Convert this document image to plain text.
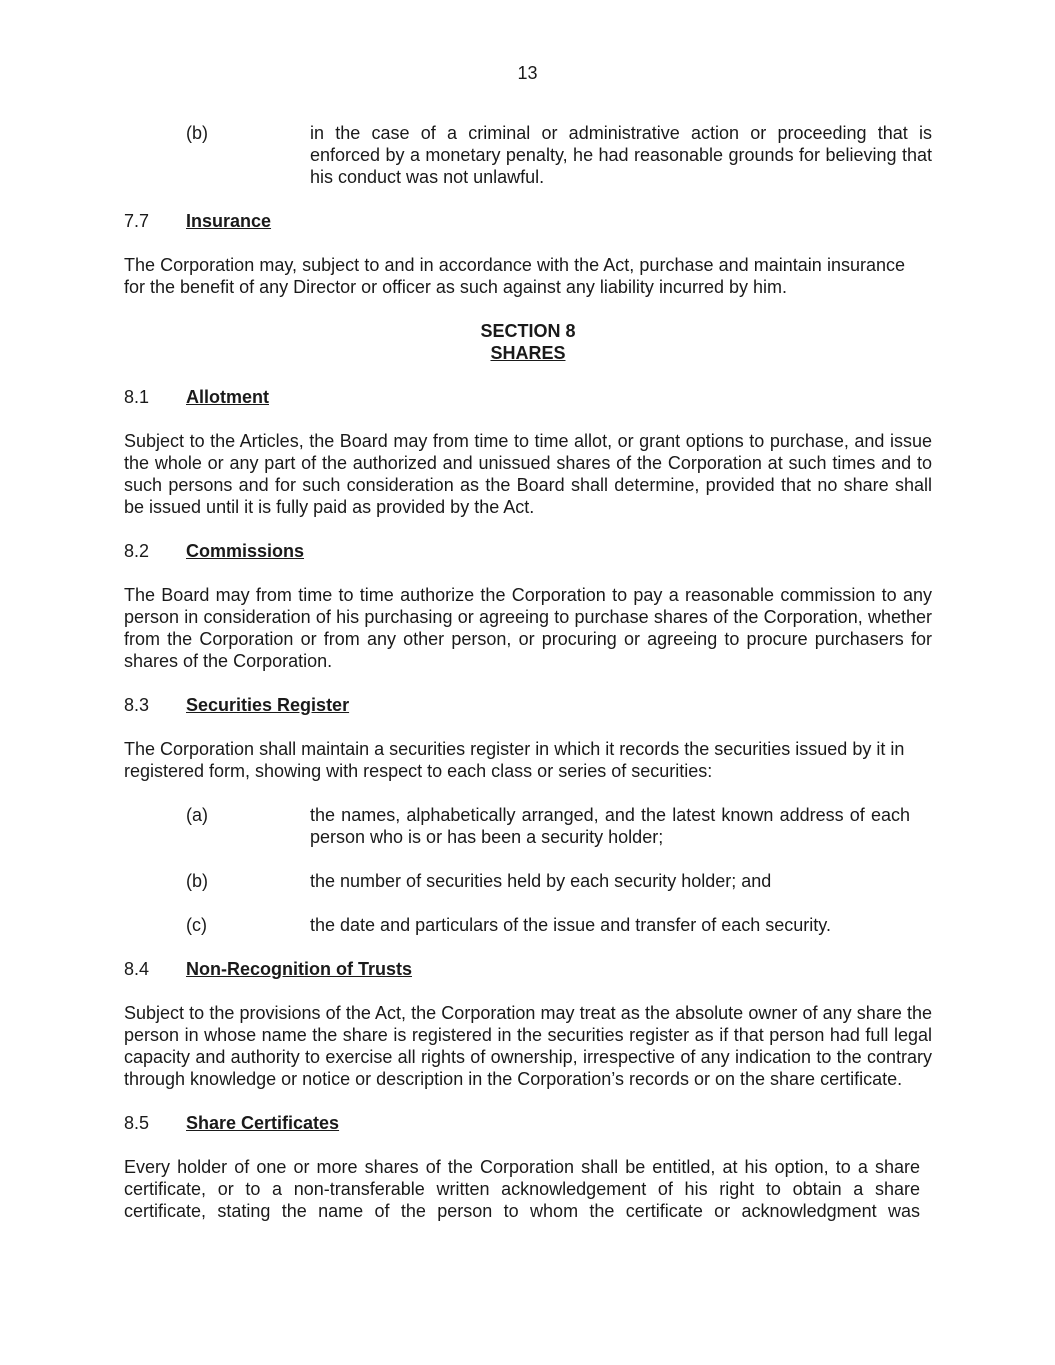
13
(b)	in the case of a criminal or administrative action or proceeding that is enforced by a monetary penalty, he had reasonable grounds for believing that his conduct was not unlawful.
7.7 Insurance

The Corporation may, subject to and in accordance with the Act, purchase and maintain insurance for the benefit of any Director or officer as such against any liability incurred by him.

SECTION 8
SHARES
8.1 Allotment

Subject to the Articles, the Board may from time to time allot, or grant options to purchase, and issue the whole or any part of the authorized and unissued shares of the Corporation at such times and to such persons and for such consideration as the Board shall determine, provided that no share shall be issued until it is fully paid as provided by the Act.

8.2 Commissions

The Board may from time to time authorize the Corporation to pay a reasonable commission to any person in consideration of his purchasing or agreeing to purchase shares of the Corporation, whether from the Corporation or from any other person, or procuring or agreeing to procure purchasers for shares of the Corporation.

8.3 Securities Register

The Corporation shall maintain a securities register in which it records the securities issued by it in registered form, showing with respect to each class or series of securities:

(a)	the names, alphabetically arranged, and the latest known address of each person who is or has been a security holder;
(b)	the number of securities held by each security holder; and
(c)	the date and particulars of the issue and transfer of each security.
8.4 Non-Recognition of Trusts

Subject to the provisions of the Act, the Corporation may treat as the absolute owner of any share the person in whose name the share is registered in the securities register as if that person had full legal capacity and authority to exercise all rights of ownership, irrespective of any indication to the contrary through knowledge or notice or description in the Corporation’s records or on the share certificate.

8.5 Share Certificates

Every holder of one or more shares of the Corporation shall be entitled, at his option, to a share certificate, or to a non-transferable written acknowledgement of his right to obtain a share certificate, stating the name of the person to whom the certificate or acknowledgment was
